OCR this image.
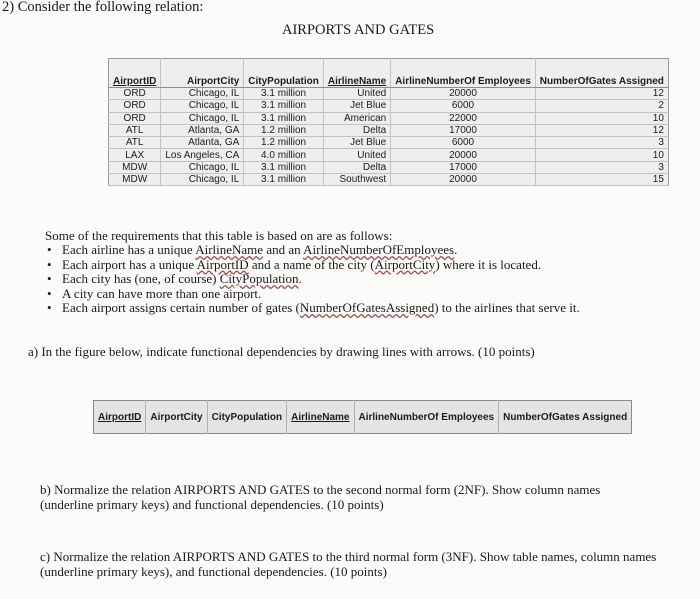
2) Consider the following relation:
AIRPORTS AND GATES
AirportID	AirportCity	CityPopulation	AirlineName	AirlineNumberOf Employees	NumberOfGates Assigned
ORD	Chicago, IL	3.1 million	United	20000	12
ORD	Chicago, IL	3.1 million	Jet Blue	6000	2
ORD	Chicago, IL	3.1 million	American	22000	10
ATL	Atlanta, GA	1.2 million	Delta	17000	12
ATL	Atlanta, GA	1.2 million	Jet Blue	6000	3
LAX	Los Angeles, CA	4.0 million	United	20000	10
MDW	Chicago, IL	3.1 million	Delta	17000	3
MDW	Chicago, IL	3.1 million	Southwest	20000	15
Some of the requirements that this table is based on are as follows:
• Each airline has a unique AirlineName and an AirlineNumberOfEmployees.
• Each airport has a unique AirportID and a name of the city (AirportCity) where it is located.
• Each city has (one, of course) CityPopulation.
• A city can have more than one airport.
• Each airport assigns certain number of gates (NumberOfGatesAssigned) to the airlines that serve it.
a) In the figure below, indicate functional dependencies by drawing lines with arrows. (10 points)
AirportID	AirportCity	CityPopulation	AirlineName	AirlineNumberOf Employees	NumberOfGates Assigned
b) Normalize the relation AIRPORTS AND GATES to the second normal form (2NF). Show column names (underline primary keys) and functional dependencies. (10 points)
c) Normalize the relation AIRPORTS AND GATES to the third normal form (3NF). Show table names, column names (underline primary keys), and functional dependencies. (10 points)
